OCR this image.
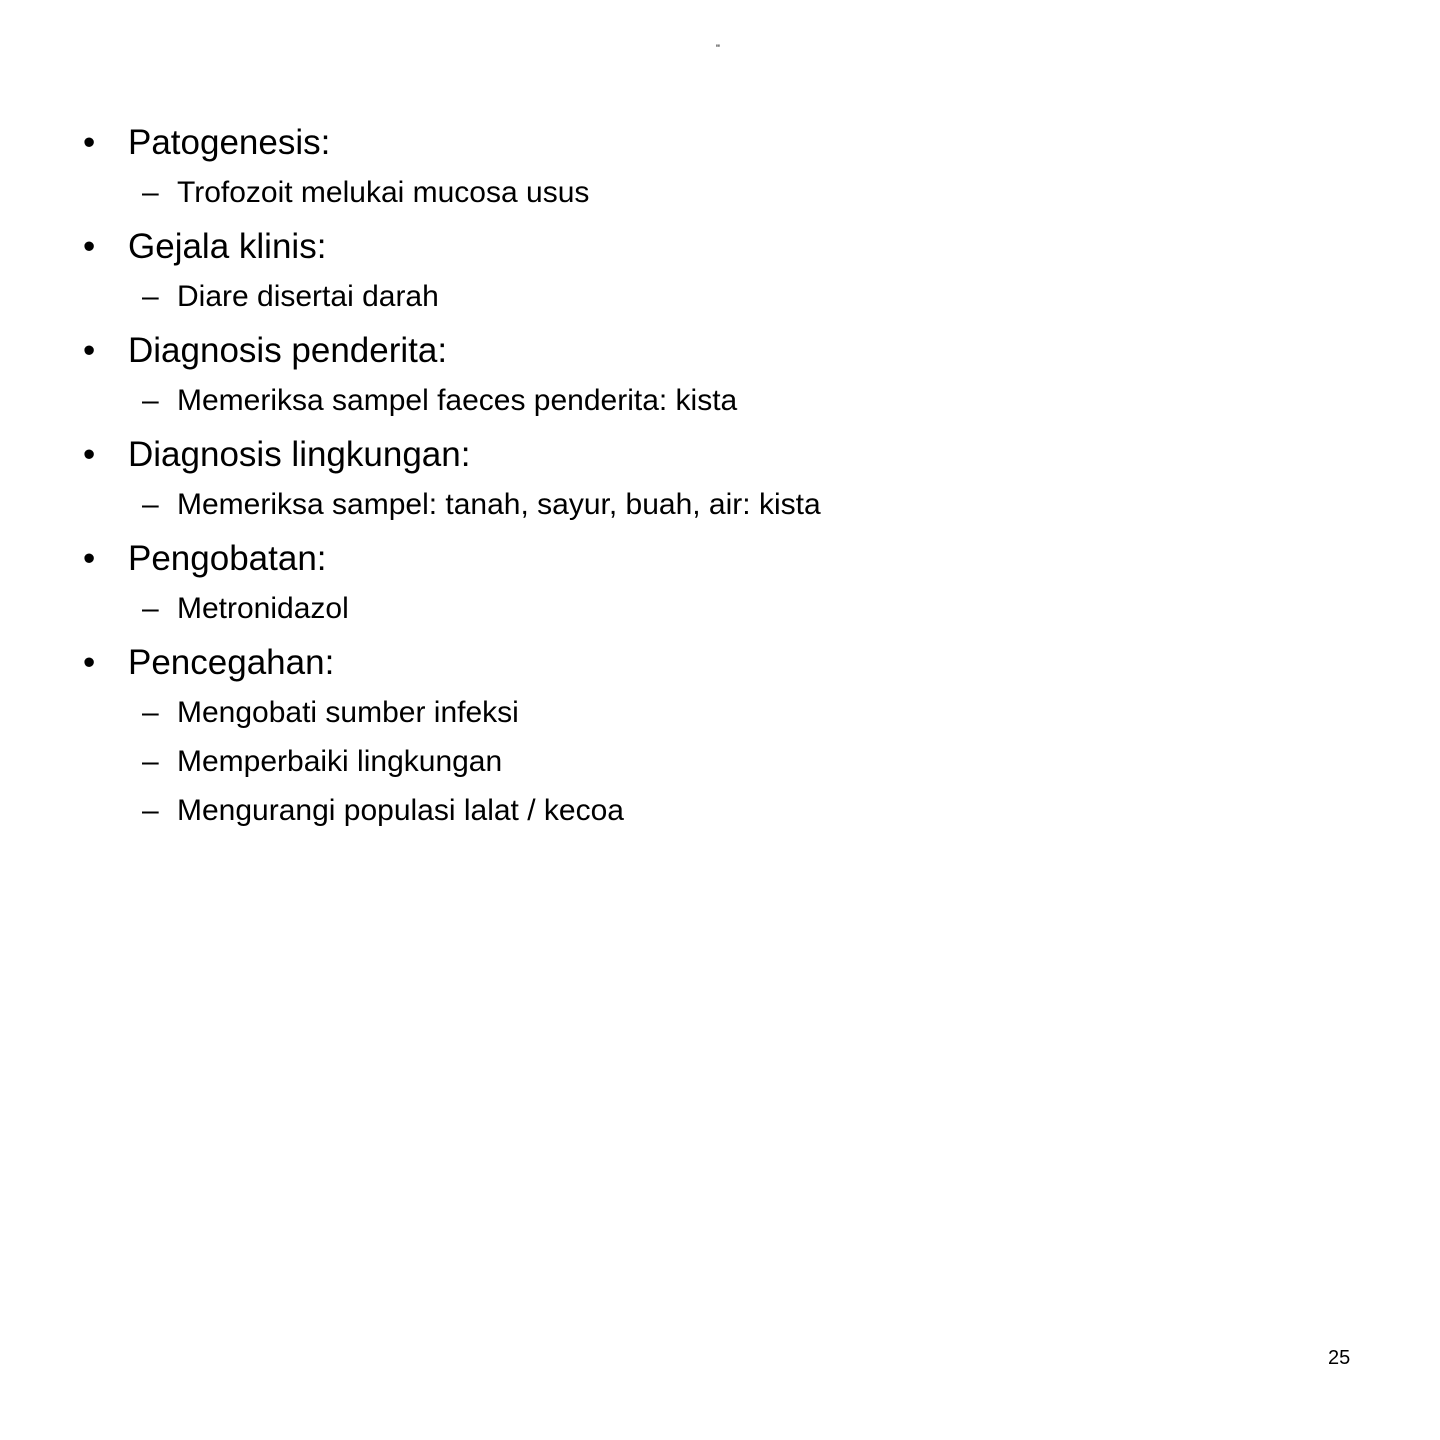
"
• Patogenesis:
– Trofozoit melukai mucosa usus
• Gejala klinis:
– Diare disertai darah
• Diagnosis penderita:
– Memeriksa sampel faeces penderita: kista
• Diagnosis lingkungan:
– Memeriksa sampel: tanah, sayur, buah, air: kista
• Pengobatan:
– Metronidazol
• Pencegahan:
– Mengobati sumber infeksi
– Memperbaiki lingkungan
– Mengurangi populasi lalat / kecoa
25
